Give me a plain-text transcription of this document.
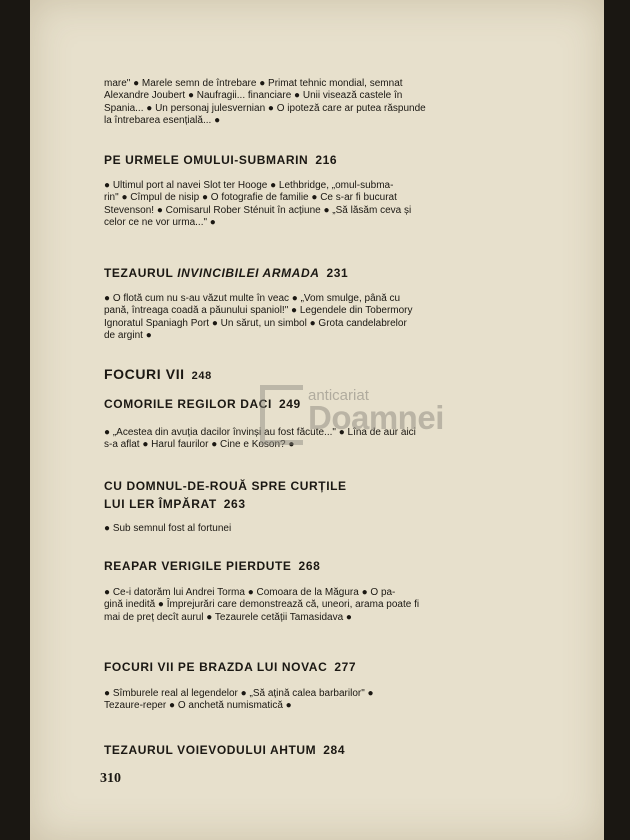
mare" ● Marele semn de întrebare ● Primat tehnic mondial, semnat
Alexandre Joubert ● Naufragii... financiare ● Unii visează castele în
Spania... ● Un personaj julesvernian ● O ipoteză care ar putea răspunde
la întrebarea esențială... ●
PE URMELE OMULUI-SUBMARIN 216
● Ultimul port al navei Slot ter Hooge ● Lethbridge, „omul-subma-
rin" ● Cîmpul de nisip ● O fotografie de familie ● Ce s-ar fi bucurat
Stevenson! ● Comisarul Rober Sténuit în acțiune ● „Să lăsăm ceva și
celor ce ne vor urma..." ●
TEZAURUL INVINCIBILEI ARMADA 231
● O flotă cum nu s-au văzut multe în veac ● „Vom smulge, până cu
pană, întreaga coadă a păunului spaniol!" ● Legendele din Tobermory
Ignoratul Spaniagh Port ● Un sărut, un simbol ● Grota candelabrelor
de argint ●
FOCURI VII 248
COMORILE REGILOR DACI 249
● „Acestea din avuția dacilor învinși au fost făcute..." ● Lîna de aur aici
s-a aflat ● Harul faurilor ● Cine e Koson? ●
CU DOMNUL-DE-ROUĂ SPRE CURȚILE
LUI LER ÎMPĂRAT 263
● Sub semnul fost al fortunei
REAPAR VERIGILE PIERDUTE 268
● Ce-i datorăm lui Andrei Torma ● Comoara de la Măgura ● O pa-
gină inedită ● Împrejurări care demonstrează că, uneori, arama poate fi
mai de preț decît aurul ● Tezaurele cetății Tamasidava ●
FOCURI VII PE BRAZDA LUI NOVAC 277
● Sîmburele real al legendelor ● „Să ațină calea barbarilor" ●
Tezaure-reper ● O anchetă numismatică ●
TEZAURUL VOIEVODULUI AHTUM 284
310
anticariat
Doamnei
